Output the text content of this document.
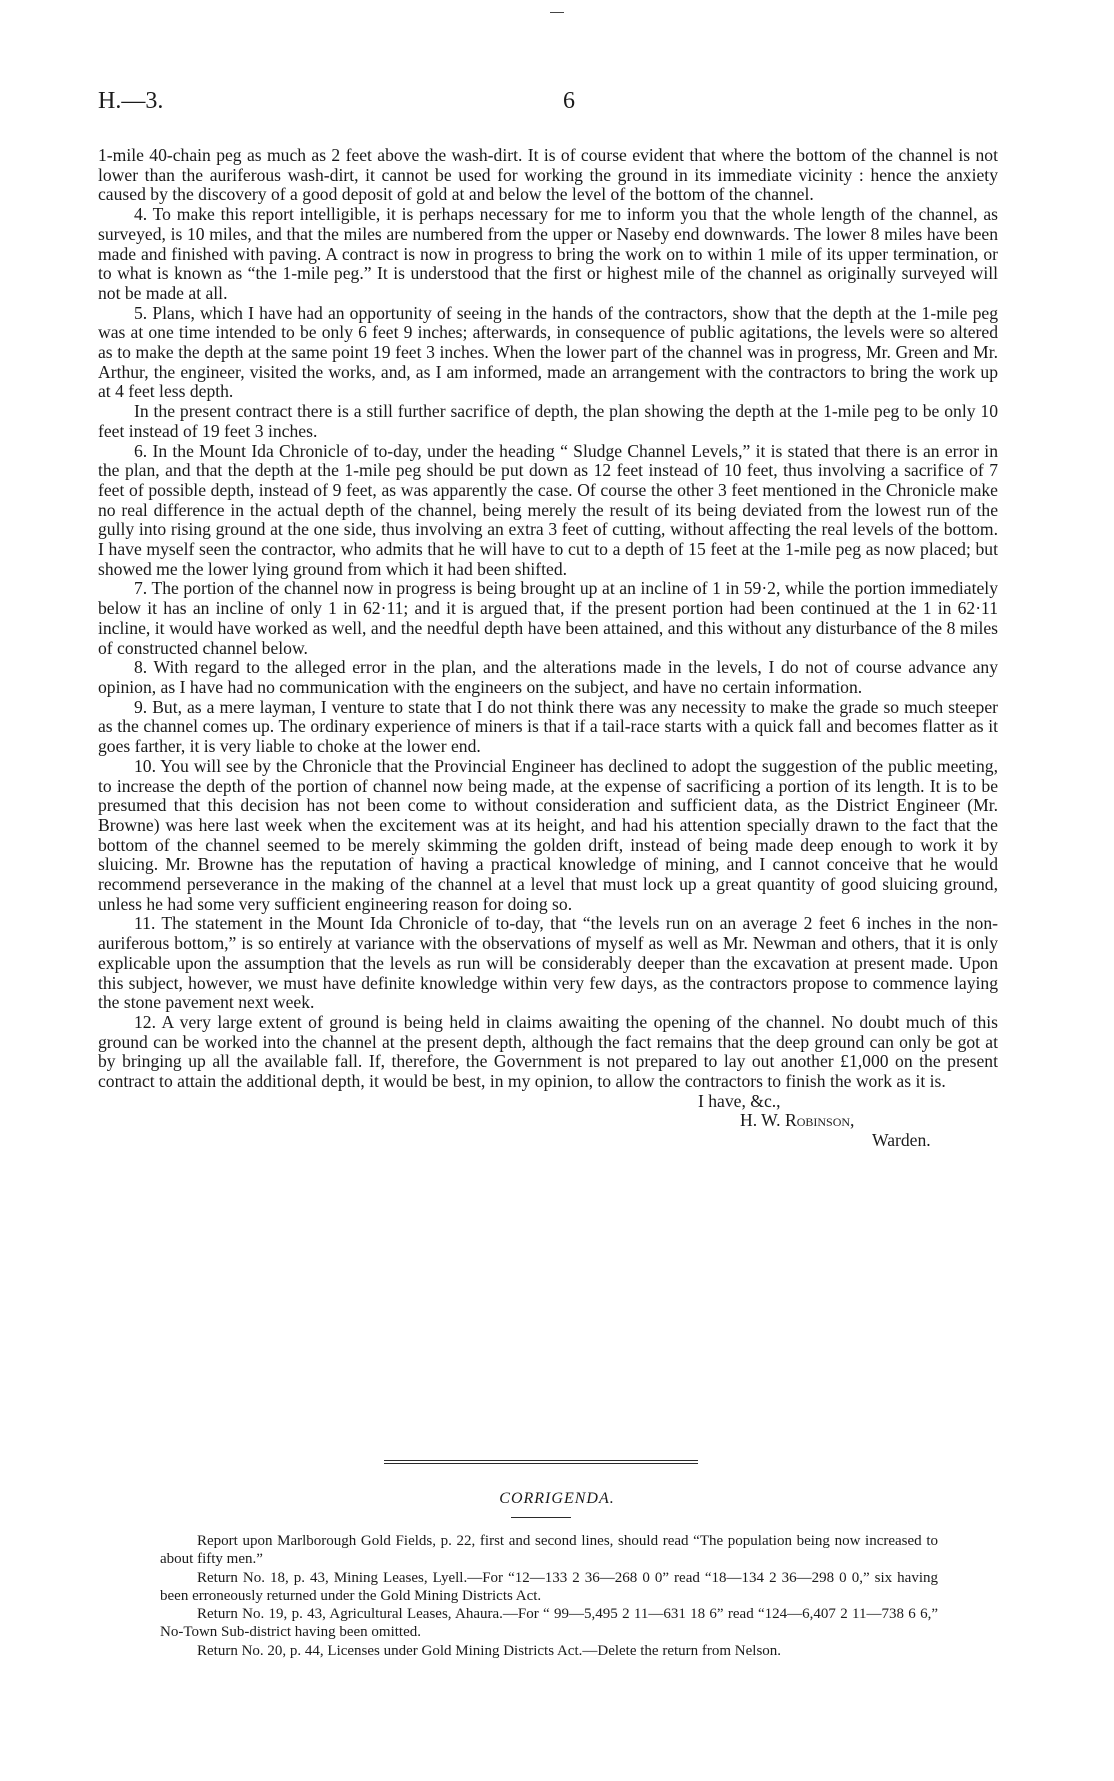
H.—3.	6

1-mile 40-chain peg as much as 2 feet above the wash-dirt. It is of course evident that where the bottom of the channel is not lower than the auriferous wash-dirt, it cannot be used for working the ground in its immediate vicinity : hence the anxiety caused by the discovery of a good deposit of gold at and below the level of the bottom of the channel.

4. To make this report intelligible, it is perhaps necessary for me to inform you that the whole length of the channel, as surveyed, is 10 miles, and that the miles are numbered from the upper or Naseby end downwards. The lower 8 miles have been made and finished with paving. A contract is now in progress to bring the work on to within 1 mile of its upper termination, or to what is known as “the 1-mile peg.” It is understood that the first or highest mile of the channel as originally surveyed will not be made at all.

5. Plans, which I have had an opportunity of seeing in the hands of the contractors, show that the depth at the 1-mile peg was at one time intended to be only 6 feet 9 inches; afterwards, in consequence of public agitations, the levels were so altered as to make the depth at the same point 19 feet 3 inches. When the lower part of the channel was in progress, Mr. Green and Mr. Arthur, the engineer, visited the works, and, as I am informed, made an arrangement with the contractors to bring the work up at 4 feet less depth.

In the present contract there is a still further sacrifice of depth, the plan showing the depth at the 1-mile peg to be only 10 feet instead of 19 feet 3 inches.

6. In the Mount Ida Chronicle of to-day, under the heading “ Sludge Channel Levels,” it is stated that there is an error in the plan, and that the depth at the 1-mile peg should be put down as 12 feet instead of 10 feet, thus involving a sacrifice of 7 feet of possible depth, instead of 9 feet, as was apparently the case. Of course the other 3 feet mentioned in the Chronicle make no real difference in the actual depth of the channel, being merely the result of its being deviated from the lowest run of the gully into rising ground at the one side, thus involving an extra 3 feet of cutting, without affecting the real levels of the bottom. I have myself seen the contractor, who admits that he will have to cut to a depth of 15 feet at the 1-mile peg as now placed; but showed me the lower lying ground from which it had been shifted.

7. The portion of the channel now in progress is being brought up at an incline of 1 in 59·2, while the portion immediately below it has an incline of only 1 in 62·11; and it is argued that, if the present portion had been continued at the 1 in 62·11 incline, it would have worked as well, and the needful depth have been attained, and this without any disturbance of the 8 miles of constructed channel below.

8. With regard to the alleged error in the plan, and the alterations made in the levels, I do not of course advance any opinion, as I have had no communication with the engineers on the subject, and have no certain information.

9. But, as a mere layman, I venture to state that I do not think there was any necessity to make the grade so much steeper as the channel comes up. The ordinary experience of miners is that if a tail-race starts with a quick fall and becomes flatter as it goes farther, it is very liable to choke at the lower end.

10. You will see by the Chronicle that the Provincial Engineer has declined to adopt the suggestion of the public meeting, to increase the depth of the portion of channel now being made, at the expense of sacrificing a portion of its length. It is to be presumed that this decision has not been come to without consideration and sufficient data, as the District Engineer (Mr. Browne) was here last week when the excitement was at its height, and had his attention specially drawn to the fact that the bottom of the channel seemed to be merely skimming the golden drift, instead of being made deep enough to work it by sluicing. Mr. Browne has the reputation of having a practical knowledge of mining, and I cannot conceive that he would recommend perseverance in the making of the channel at a level that must lock up a great quantity of good sluicing ground, unless he had some very sufficient engineering reason for doing so.

11. The statement in the Mount Ida Chronicle of to-day, that “the levels run on an average 2 feet 6 inches in the non-auriferous bottom,” is so entirely at variance with the observations of myself as well as Mr. Newman and others, that it is only explicable upon the assumption that the levels as run will be considerably deeper than the excavation at present made. Upon this subject, however, we must have definite knowledge within very few days, as the contractors propose to commence laying the stone pavement next week.

12. A very large extent of ground is being held in claims awaiting the opening of the channel. No doubt much of this ground can be worked into the channel at the present depth, although the fact remains that the deep ground can only be got at by bringing up all the available fall. If, therefore, the Government is not prepared to lay out another £1,000 on the present contract to attain the additional depth, it would be best, in my opinion, to allow the contractors to finish the work as it is.

I have, &c.,
H. W. Robinson,
Warden.
CORRIGENDA.

Report upon Marlborough Gold Fields, p. 22, first and second lines, should read “The population being now increased to about fifty men.”

Return No. 18, p. 43, Mining Leases, Lyell.—For “12—133 2 36—268 0 0” read “18—134 2 36—298 0 0,” six having been erroneously returned under the Gold Mining Districts Act.

Return No. 19, p. 43, Agricultural Leases, Ahaura.—For “ 99—5,495 2 11—631 18 6” read “124—6,407 2 11—738 6 6,” No-Town Sub-district having been omitted.

Return No. 20, p. 44, Licenses under Gold Mining Districts Act.—Delete the return from Nelson.
